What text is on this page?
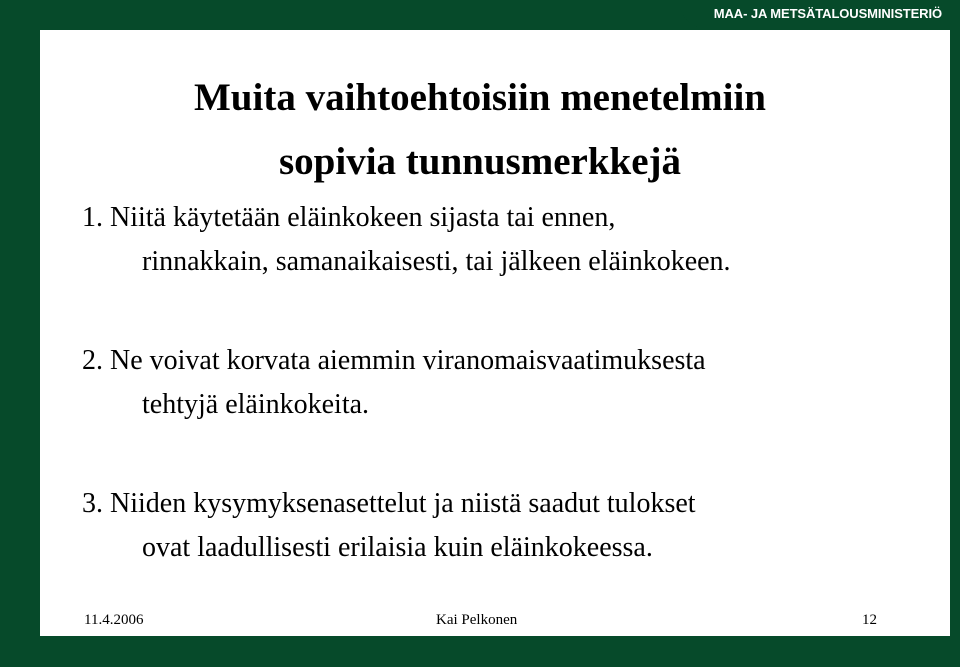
MAA- JA METSÄTALOUSMINISTERIÖ
Muita vaihtoehtoisiin menetelmiin
sopivia tunnusmerkkejä

1. Niitä käytetään eläinkokeen sijasta tai ennen,
rinnakkain, samanaikaisesti, tai jälkeen eläinkokeen.

2. Ne voivat korvata aiemmin viranomaisvaatimuksesta
tehtyjä eläinkokeita.

3. Niiden kysymyksenasettelut ja niistä saadut tulokset
ovat laadullisesti erilaisia kuin eläinkokeessa.

11.4.2006	Kai Pelkonen	12
